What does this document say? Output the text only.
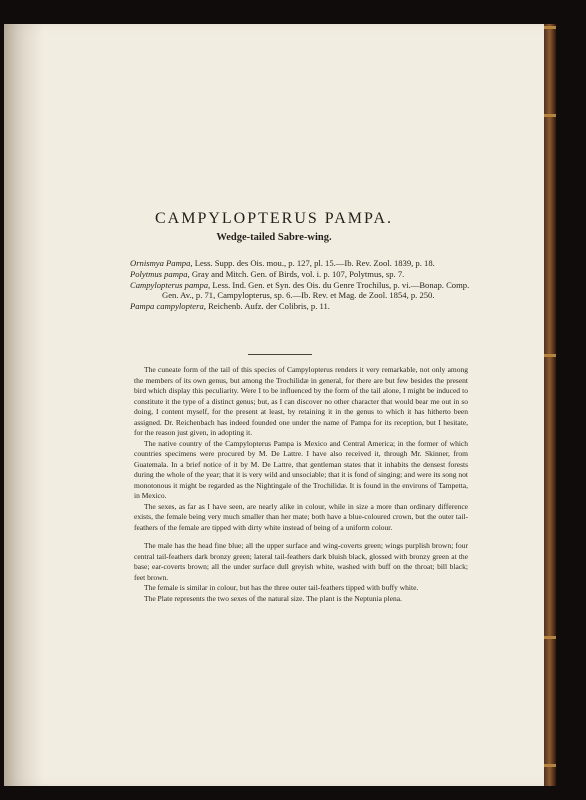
CAMPYLOPTERUS PAMPA.
Wedge-tailed Sabre-wing.
Ornismya Pampa, Less. Supp. des Ois. mou., p. 127, pl. 15.—Ib. Rev. Zool. 1839, p. 18.
Polytmus pampa, Gray and Mitch. Gen. of Birds, vol. i. p. 107, Polytmus, sp. 7.
Campylopterus pampa, Less. Ind. Gen. et Syn. des Ois. du Genre Trochilus, p. vi.—Bonap. Comp.
Gen. Av., p. 71, Campylopterus, sp. 6.—Ib. Rev. et Mag. de Zool. 1854, p. 250.
Pampa campyloptera, Reichenb. Aufz. der Colibris, p. 11.

The cuneate form of the tail of this species of Campylopterus renders it very remarkable, not only among the members of its own genus, but among the Trochilidæ in general, for there are but few besides the present bird which display this peculiarity. Were I to be influenced by the form of the tail alone, I might be induced to constitute it the type of a distinct genus; but, as I can discover no other character that would bear me out in so doing, I content myself, for the present at least, by retaining it in the genus to which it has hitherto been assigned. Dr. Reichenbach has indeed founded one under the name of Pampa for its reception, but I hesitate, for the reason just given, in adopting it.

The native country of the Campylopterus Pampa is Mexico and Central America; in the former of which countries specimens were procured by M. De Lattre. I have also received it, through Mr. Skinner, from Guatemala. In a brief notice of it by M. De Lattre, that gentleman states that it inhabits the densest forests during the whole of the year; that it is very wild and unsociable; that it is fond of singing; and were its song not monotonous it might be regarded as the Nightingale of the Trochilidæ. It is found in the environs of Tampetta, in Mexico.

The sexes, as far as I have seen, are nearly alike in colour, while in size a more than ordinary difference exists, the female being very much smaller than her mate; both have a blue-coloured crown, but the outer tail-feathers of the female are tipped with dirty white instead of being of a uniform colour.

The male has the head fine blue; all the upper surface and wing-coverts green; wings purplish brown; four central tail-feathers dark bronzy green; lateral tail-feathers dark bluish black, glossed with bronzy green at the base; ear-coverts brown; all the under surface dull greyish white, washed with buff on the throat; bill black; feet brown.

The female is similar in colour, but has the three outer tail-feathers tipped with buffy white.

The Plate represents the two sexes of the natural size. The plant is the Neptunia plena.
